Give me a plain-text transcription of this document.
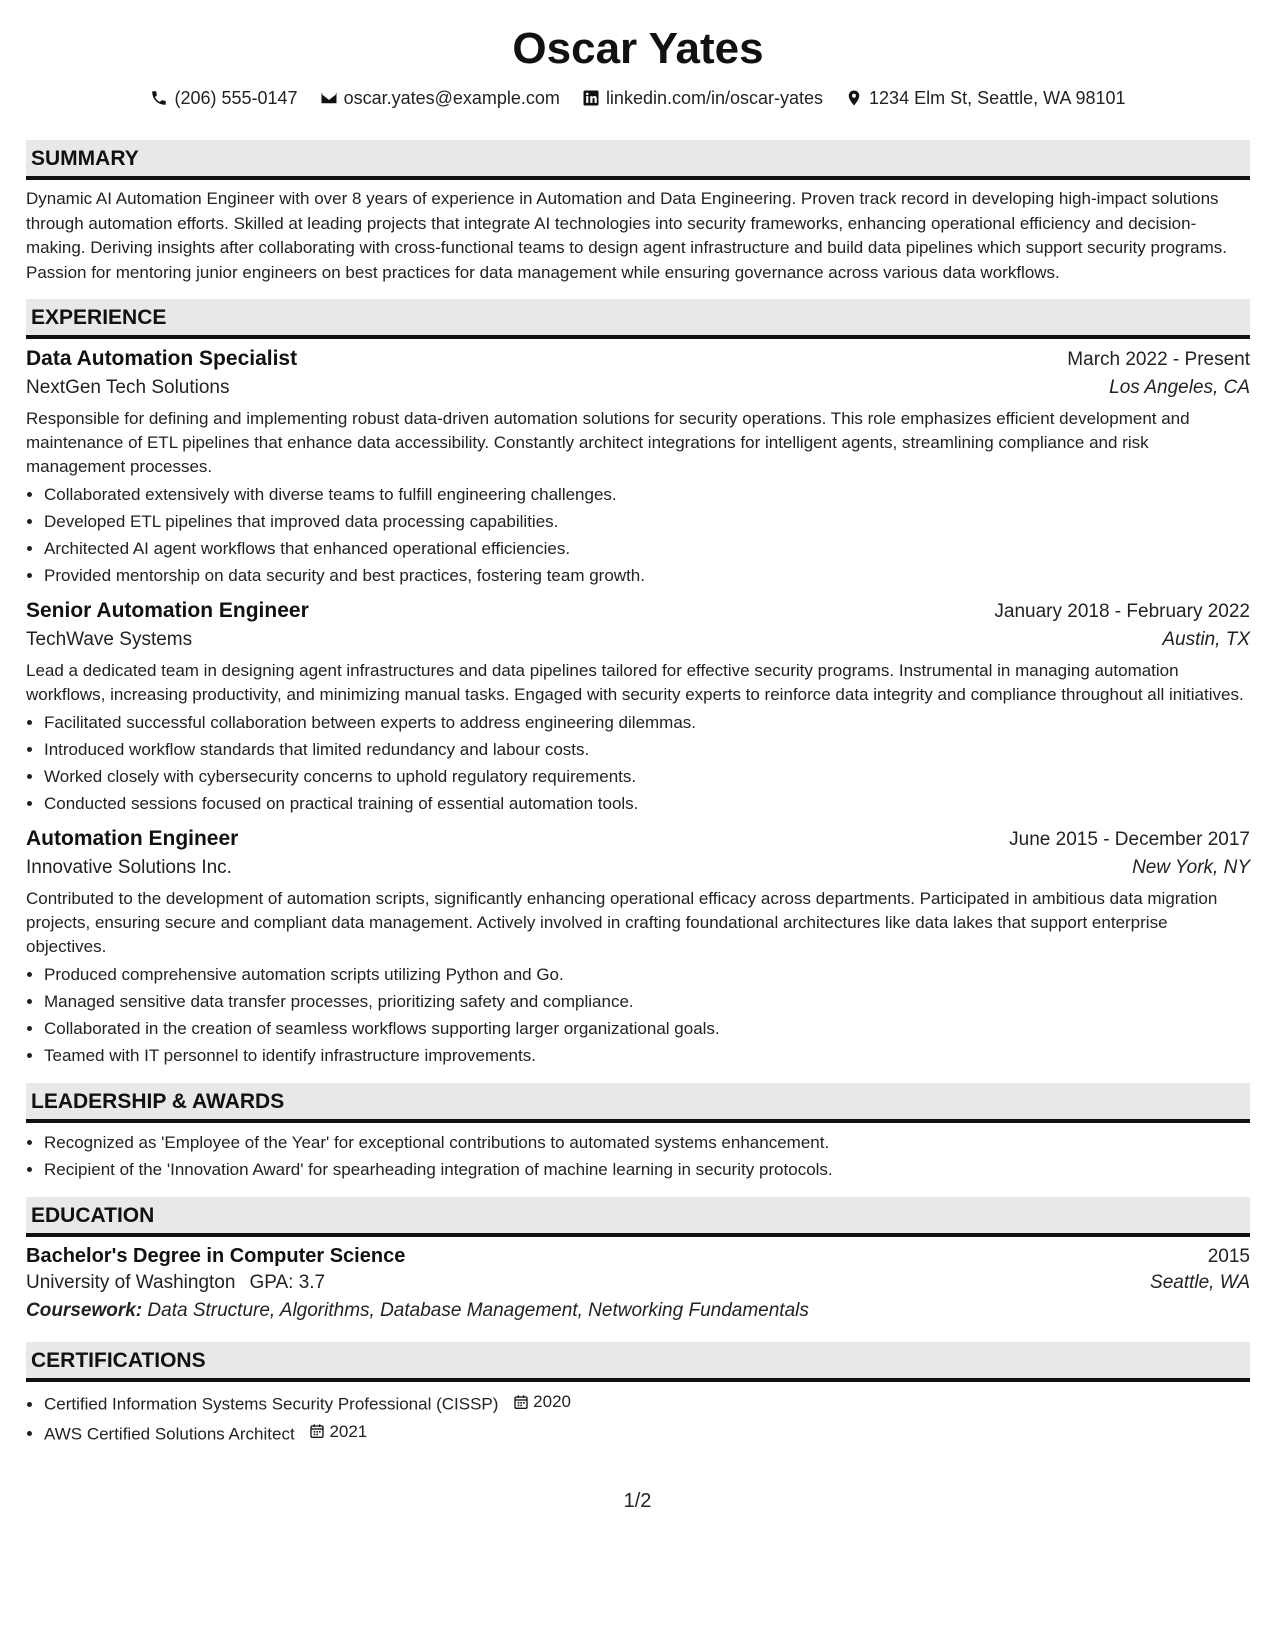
Oscar Yates
(206) 555-0147	oscar.yates@example.com	linkedin.com/in/oscar-yates	1234 Elm St, Seattle, WA 98101
SUMMARY
Dynamic AI Automation Engineer with over 8 years of experience in Automation and Data Engineering. Proven track record in developing high-impact solutions through automation efforts. Skilled at leading projects that integrate AI technologies into security frameworks, enhancing operational efficiency and decision-making. Deriving insights after collaborating with cross-functional teams to design agent infrastructure and build data pipelines which support security programs. Passion for mentoring junior engineers on best practices for data management while ensuring governance across various data workflows.
EXPERIENCE
Data Automation Specialist	March 2022 - Present
NextGen Tech Solutions	Los Angeles, CA
Responsible for defining and implementing robust data-driven automation solutions for security operations. This role emphasizes efficient development and maintenance of ETL pipelines that enhance data accessibility. Constantly architect integrations for intelligent agents, streamlining compliance and risk management processes.
• Collaborated extensively with diverse teams to fulfill engineering challenges.
• Developed ETL pipelines that improved data processing capabilities.
• Architected AI agent workflows that enhanced operational efficiencies.
• Provided mentorship on data security and best practices, fostering team growth.
Senior Automation Engineer	January 2018 - February 2022
TechWave Systems	Austin, TX
Lead a dedicated team in designing agent infrastructures and data pipelines tailored for effective security programs. Instrumental in managing automation workflows, increasing productivity, and minimizing manual tasks. Engaged with security experts to reinforce data integrity and compliance throughout all initiatives.
• Facilitated successful collaboration between experts to address engineering dilemmas.
• Introduced workflow standards that limited redundancy and labour costs.
• Worked closely with cybersecurity concerns to uphold regulatory requirements.
• Conducted sessions focused on practical training of essential automation tools.
Automation Engineer	June 2015 - December 2017
Innovative Solutions Inc.	New York, NY
Contributed to the development of automation scripts, significantly enhancing operational efficacy across departments. Participated in ambitious data migration projects, ensuring secure and compliant data management. Actively involved in crafting foundational architectures like data lakes that support enterprise objectives.
• Produced comprehensive automation scripts utilizing Python and Go.
• Managed sensitive data transfer processes, prioritizing safety and compliance.
• Collaborated in the creation of seamless workflows supporting larger organizational goals.
• Teamed with IT personnel to identify infrastructure improvements.
LEADERSHIP & AWARDS
• Recognized as 'Employee of the Year' for exceptional contributions to automated systems enhancement.
• Recipient of the 'Innovation Award' for spearheading integration of machine learning in security protocols.
EDUCATION
Bachelor's Degree in Computer Science	2015
University of Washington GPA: 3.7	Seattle, WA
Coursework: Data Structure, Algorithms, Database Management, Networking Fundamentals
CERTIFICATIONS
• Certified Information Systems Security Professional (CISSP) 2020
• AWS Certified Solutions Architect 2021
1/2
